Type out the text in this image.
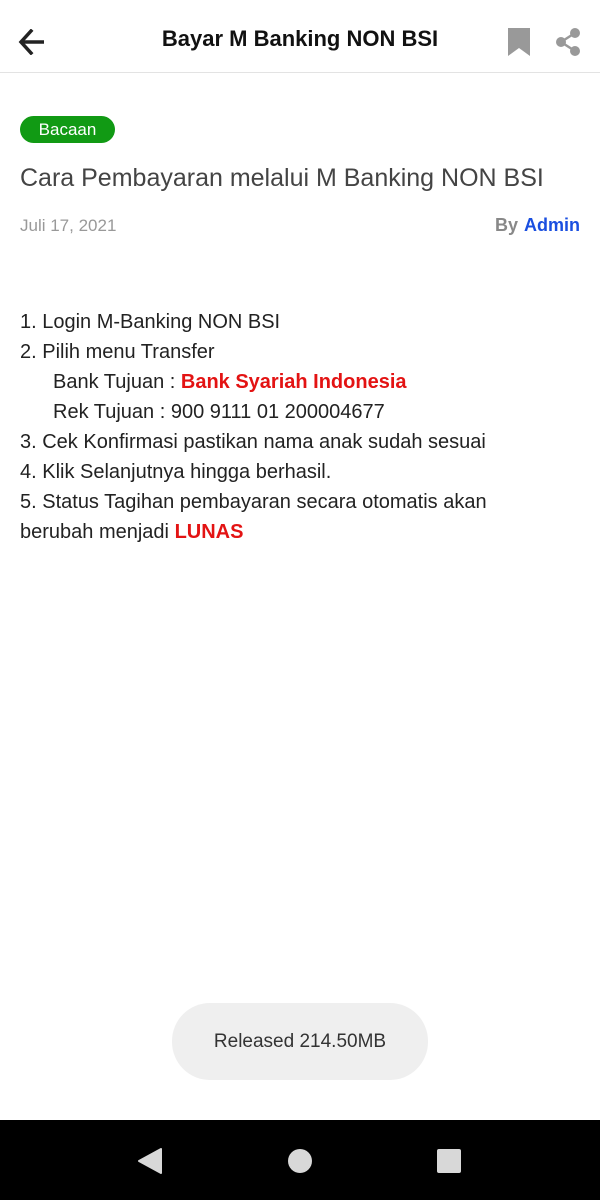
Bayar M Banking NON BSI
Bacaan
Cara Pembayaran melalui M Banking NON BSI
Juli 17, 2021	By Admin
1. Login M-Banking NON BSI
2. Pilih menu Transfer
Bank Tujuan : Bank Syariah Indonesia
Rek Tujuan : 900 9111 01 200004677
3. Cek Konfirmasi pastikan nama anak sudah sesuai
4. Klik Selanjutnya hingga berhasil.
5. Status Tagihan pembayaran secara otomatis akan
berubah menjadi LUNAS
Released 214.50MB
